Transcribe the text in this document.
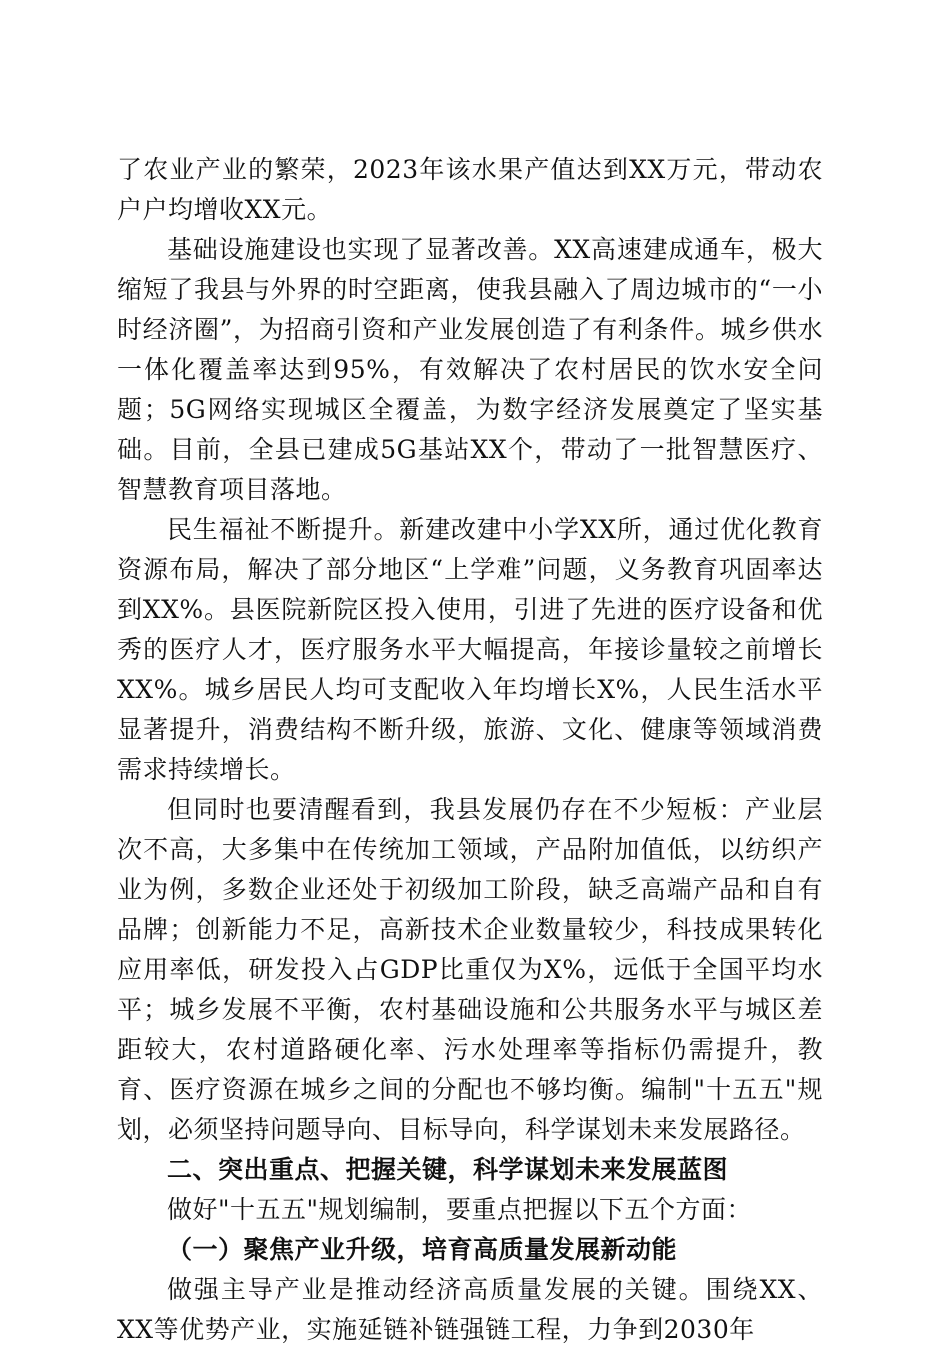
了农业产业的繁荣，2023年该水果产值达到XX万元，带动农户户均增收XX元。

基础设施建设也实现了显著改善。XX高速建成通车，极大缩短了我县与外界的时空距离，使我县融入了周边城市的“一小时经济圈”，为招商引资和产业发展创造了有利条件。城乡供水一体化覆盖率达到95%，有效解决了农村居民的饮水安全问题；5G网络实现城区全覆盖，为数字经济发展奠定了坚实基础。目前，全县已建成5G基站XX个，带动了一批智慧医疗、智慧教育项目落地。

民生福祉不断提升。新建改建中小学XX所，通过优化教育资源布局，解决了部分地区“上学难”问题，义务教育巩固率达到XX%。县医院新院区投入使用，引进了先进的医疗设备和优秀的医疗人才，医疗服务水平大幅提高，年接诊量较之前增长XX%。城乡居民人均可支配收入年均增长X%，人民生活水平显著提升，消费结构不断升级，旅游、文化、健康等领域消费需求持续增长。

但同时也要清醒看到，我县发展仍存在不少短板：产业层次不高，大多集中在传统加工领域，产品附加值低，以纺织产业为例，多数企业还处于初级加工阶段，缺乏高端产品和自有品牌；创新能力不足，高新技术企业数量较少，科技成果转化应用率低，研发投入占GDP比重仅为X%，远低于全国平均水平；城乡发展不平衡，农村基础设施和公共服务水平与城区差距较大，农村道路硬化率、污水处理率等指标仍需提升，教育、医疗资源在城乡之间的分配也不够均衡。编制"十五五"规划，必须坚持问题导向、目标导向，科学谋划未来发展路径。

二、突出重点、把握关键，科学谋划未来发展蓝图

做好"十五五"规划编制，要重点把握以下五个方面：

（一）聚焦产业升级，培育高质量发展新动能

做强主导产业是推动经济高质量发展的关键。围绕XX、XX等优势产业，实施延链补链强链工程，力争到2030年
